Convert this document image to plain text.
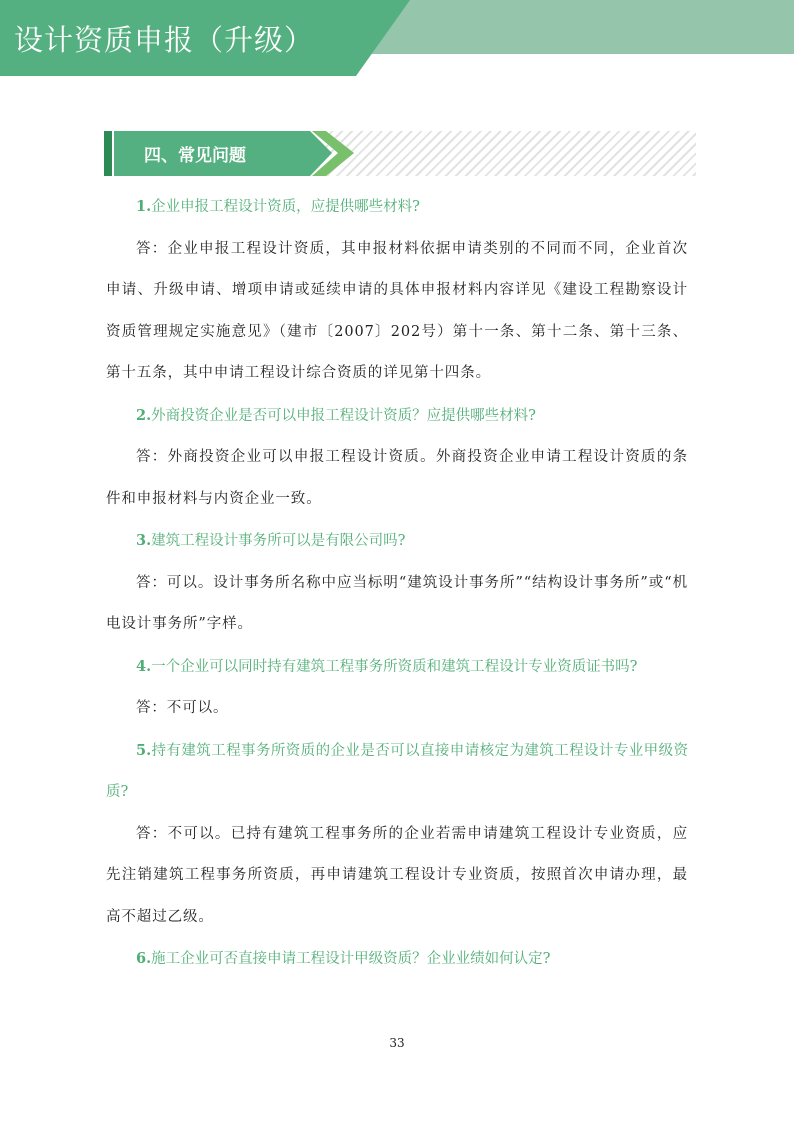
设计资质申报（升级）
四、常见问题

1.企业申报工程设计资质，应提供哪些材料?

答：企业申报工程设计资质，其申报材料依据申请类别的不同而不同，企业首次申请、升级申请、增项申请或延续申请的具体申报材料内容详见《建设工程勘察设计资质管理规定实施意见》（建市〔2007〕202号）第十一条、第十二条、第十三条、第十五条，其中申请工程设计综合资质的详见第十四条。

2.外商投资企业是否可以申报工程设计资质？应提供哪些材料?

答：外商投资企业可以申报工程设计资质。外商投资企业申请工程设计资质的条件和申报材料与内资企业一致。

3.建筑工程设计事务所可以是有限公司吗?

答：可以。设计事务所名称中应当标明“建筑设计事务所”“结构设计事务所”或“机电设计事务所”字样。

4.一个企业可以同时持有建筑工程事务所资质和建筑工程设计专业资质证书吗?

答：不可以。

5.持有建筑工程事务所资质的企业是否可以直接申请核定为建筑工程设计专业甲级资质?

答：不可以。已持有建筑工程事务所的企业若需申请建筑工程设计专业资质，应先注销建筑工程事务所资质，再申请建筑工程设计专业资质，按照首次申请办理，最高不超过乙级。

6.施工企业可否直接申请工程设计甲级资质？企业业绩如何认定?

33
